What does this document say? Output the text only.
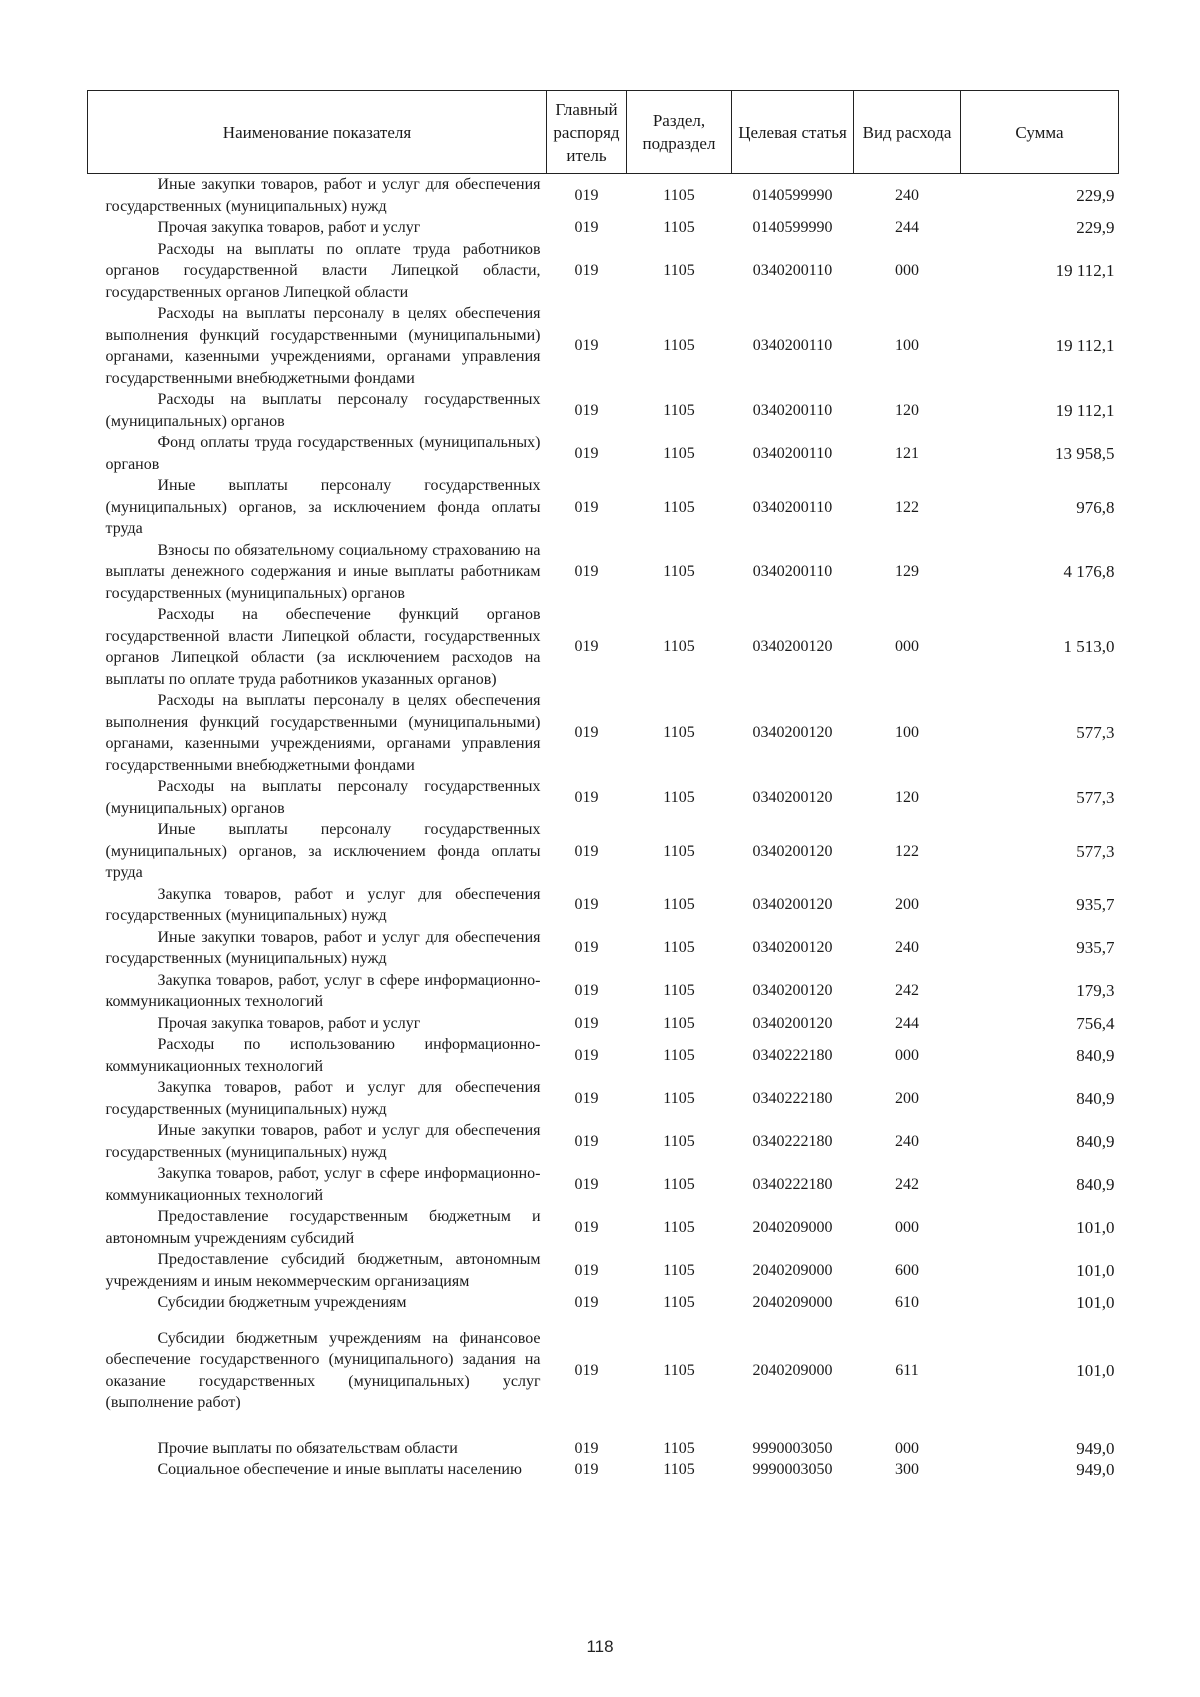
Наименование показателя	Главный распоряд итель	Раздел, подраздел	Целевая статья	Вид расхода	Сумма
Иные закупки товаров, работ и услуг для обеспечения государственных (муниципальных) нужд	019	1105	0140599990	240	229,9
Прочая закупка товаров, работ и услуг	019	1105	0140599990	244	229,9
Расходы на выплаты по оплате труда работников органов государственной власти Липецкой области, государственных органов Липецкой области	019	1105	0340200110	000	19 112,1
Расходы на выплаты персоналу в целях обеспечения выполнения функций государственными (муниципальными) органами, казенными учреждениями, органами управления государственными внебюджетными фондами	019	1105	0340200110	100	19 112,1
Расходы на выплаты персоналу государственных (муниципальных) органов	019	1105	0340200110	120	19 112,1
Фонд оплаты труда государственных (муниципальных) органов	019	1105	0340200110	121	13 958,5
Иные выплаты персоналу государственных (муниципальных) органов, за исключением фонда оплаты труда	019	1105	0340200110	122	976,8
Взносы по обязательному социальному страхованию на выплаты денежного содержания и иные выплаты работникам государственных (муниципальных) органов	019	1105	0340200110	129	4 176,8
Расходы на обеспечение функций органов государственной власти Липецкой области, государственных органов Липецкой области (за исключением расходов на выплаты по оплате труда работников указанных органов)	019	1105	0340200120	000	1 513,0
Расходы на выплаты персоналу в целях обеспечения выполнения функций государственными (муниципальными) органами, казенными учреждениями, органами управления государственными внебюджетными фондами	019	1105	0340200120	100	577,3
Расходы на выплаты персоналу государственных (муниципальных) органов	019	1105	0340200120	120	577,3
Иные выплаты персоналу государственных (муниципальных) органов, за исключением фонда оплаты труда	019	1105	0340200120	122	577,3
Закупка товаров, работ и услуг для обеспечения государственных (муниципальных) нужд	019	1105	0340200120	200	935,7
Иные закупки товаров, работ и услуг для обеспечения государственных (муниципальных) нужд	019	1105	0340200120	240	935,7
Закупка товаров, работ, услуг в сфере информационно-коммуникационных технологий	019	1105	0340200120	242	179,3
Прочая закупка товаров, работ и услуг	019	1105	0340200120	244	756,4
Расходы по использованию информационно-коммуникационных технологий	019	1105	0340222180	000	840,9
Закупка товаров, работ и услуг для обеспечения государственных (муниципальных) нужд	019	1105	0340222180	200	840,9
Иные закупки товаров, работ и услуг для обеспечения государственных (муниципальных) нужд	019	1105	0340222180	240	840,9
Закупка товаров, работ, услуг в сфере информационно-коммуникационных технологий	019	1105	0340222180	242	840,9
Предоставление государственным бюджетным и автономным учреждениям субсидий	019	1105	2040209000	000	101,0
Предоставление субсидий бюджетным, автономным учреждениям и иным некоммерческим организациям	019	1105	2040209000	600	101,0
Субсидии бюджетным учреждениям	019	1105	2040209000	610	101,0
Субсидии бюджетным учреждениям на финансовое обеспечение государственного (муниципального) задания на оказание государственных (муниципальных) услуг (выполнение работ)	019	1105	2040209000	611	101,0
Прочие выплаты по обязательствам области	019	1105	9990003050	000	949,0
Социальное обеспечение и иные выплаты населению	019	1105	9990003050	300	949,0
118
